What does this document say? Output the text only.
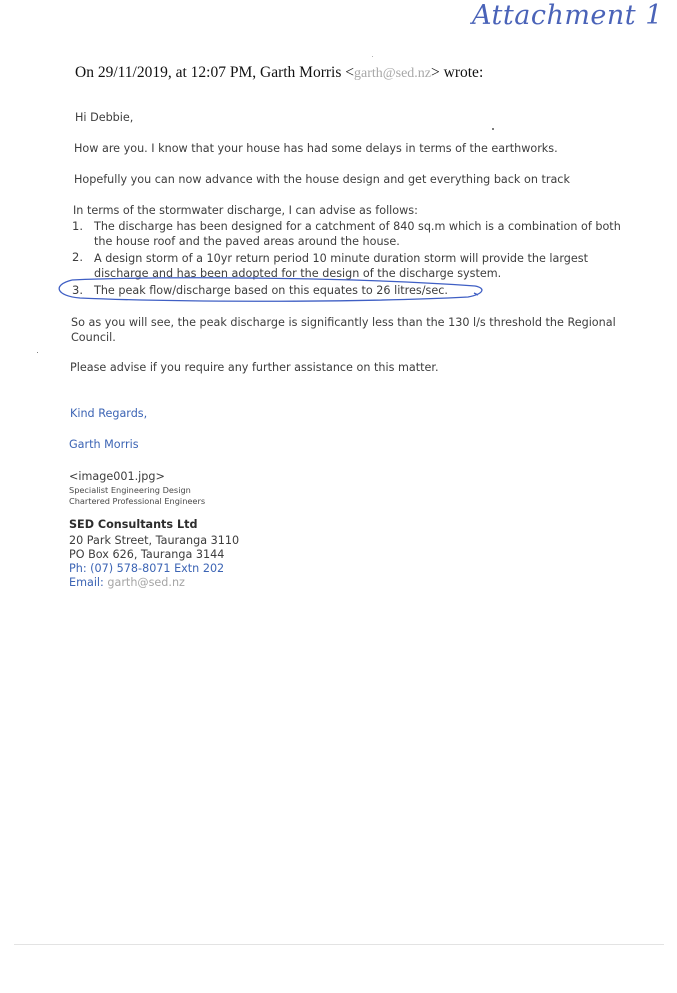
Attachment 1
On 29/11/2019, at 12:07 PM, Garth Morris <garth@sed.nz> wrote:
Hi Debbie,
How are you. I know that your house has had some delays in terms of the earthworks.
Hopefully you can now advance with the house design and get everything back on track
In terms of the stormwater discharge, I can advise as follows:
1. The discharge has been designed for a catchment of 840 sq.m which is a combination of both
the house roof and the paved areas around the house.
2. A design storm of a 10yr return period 10 minute duration storm will provide the largest
discharge and has been adopted for the design of the discharge system.
3. The peak flow/discharge based on this equates to 26 litres/sec.
So as you will see, the peak discharge is significantly less than the 130 l/s threshold the Regional
Council.
Please advise if you require any further assistance on this matter.
Kind Regards,
Garth Morris
<image001.jpg>
Specialist Engineering Design
Chartered Professional Engineers
SED Consultants Ltd
20 Park Street, Tauranga 3110
PO Box 626, Tauranga 3144
Ph: (07) 578-8071 Extn 202
Email: garth@sed.nz
